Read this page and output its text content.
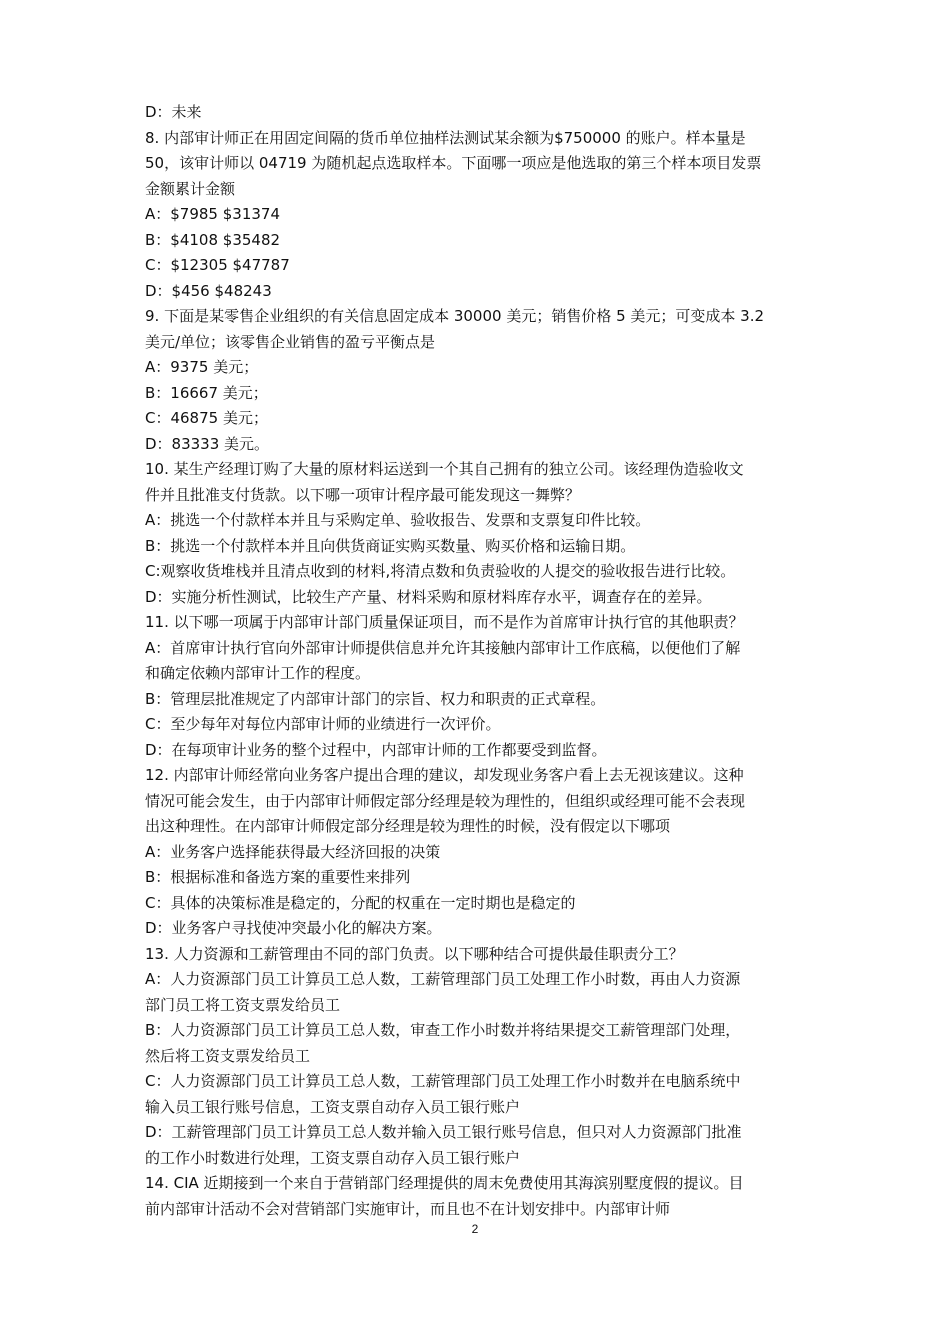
D：未来
8. 内部审计师正在用固定间隔的货币单位抽样法测试某余额为$750000 的账户。样本量是
50，该审计师以 04719 为随机起点选取样本。下面哪一项应是他选取的第三个样本项目发票
金额累计金额
A：$7985 $31374
B：$4108 $35482
C：$12305 $47787
D：$456 $48243
9. 下面是某零售企业组织的有关信息固定成本 30000 美元；销售价格 5 美元；可变成本 3.2
美元/单位；该零售企业销售的盈亏平衡点是
A：9375 美元；
B：16667 美元；
C：46875 美元；
D：83333 美元。
10. 某生产经理订购了大量的原材料运送到一个其自己拥有的独立公司。该经理伪造验收文
件并且批准支付货款。以下哪一项审计程序最可能发现这一舞弊？
A：挑选一个付款样本并且与采购定单、验收报告、发票和支票复印件比较。
B：挑选一个付款样本并且向供货商证实购买数量、购买价格和运输日期。
C:观察收货堆栈并且清点收到的材料,将清点数和负责验收的人提交的验收报告进行比较。
D：实施分析性测试，比较生产产量、材料采购和原材料库存水平，调查存在的差异。
11. 以下哪一项属于内部审计部门质量保证项目，而不是作为首席审计执行官的其他职责？
A：首席审计执行官向外部审计师提供信息并允许其接触内部审计工作底稿，以便他们了解
和确定依赖内部审计工作的程度。
B：管理层批准规定了内部审计部门的宗旨、权力和职责的正式章程。
C：至少每年对每位内部审计师的业绩进行一次评价。
D：在每项审计业务的整个过程中，内部审计师的工作都要受到监督。
12. 内部审计师经常向业务客户提出合理的建议，却发现业务客户看上去无视该建议。这种
情况可能会发生，由于内部审计师假定部分经理是较为理性的，但组织或经理可能不会表现
出这种理性。在内部审计师假定部分经理是较为理性的时候，没有假定以下哪项
A：业务客户选择能获得最大经济回报的决策
B：根据标准和备选方案的重要性来排列
C：具体的决策标准是稳定的，分配的权重在一定时期也是稳定的
D：业务客户寻找使冲突最小化的解决方案。
13. 人力资源和工薪管理由不同的部门负责。以下哪种结合可提供最佳职责分工？
A：人力资源部门员工计算员工总人数，工薪管理部门员工处理工作小时数，再由人力资源
部门员工将工资支票发给员工
B：人力资源部门员工计算员工总人数，审查工作小时数并将结果提交工薪管理部门处理，
然后将工资支票发给员工
C：人力资源部门员工计算员工总人数，工薪管理部门员工处理工作小时数并在电脑系统中
输入员工银行账号信息，工资支票自动存入员工银行账户
D：工薪管理部门员工计算员工总人数并输入员工银行账号信息，但只对人力资源部门批准
的工作小时数进行处理，工资支票自动存入员工银行账户
14. CIA 近期接到一个来自于营销部门经理提供的周末免费使用其海滨别墅度假的提议。目
前内部审计活动不会对营销部门实施审计，而且也不在计划安排中。内部审计师
2
